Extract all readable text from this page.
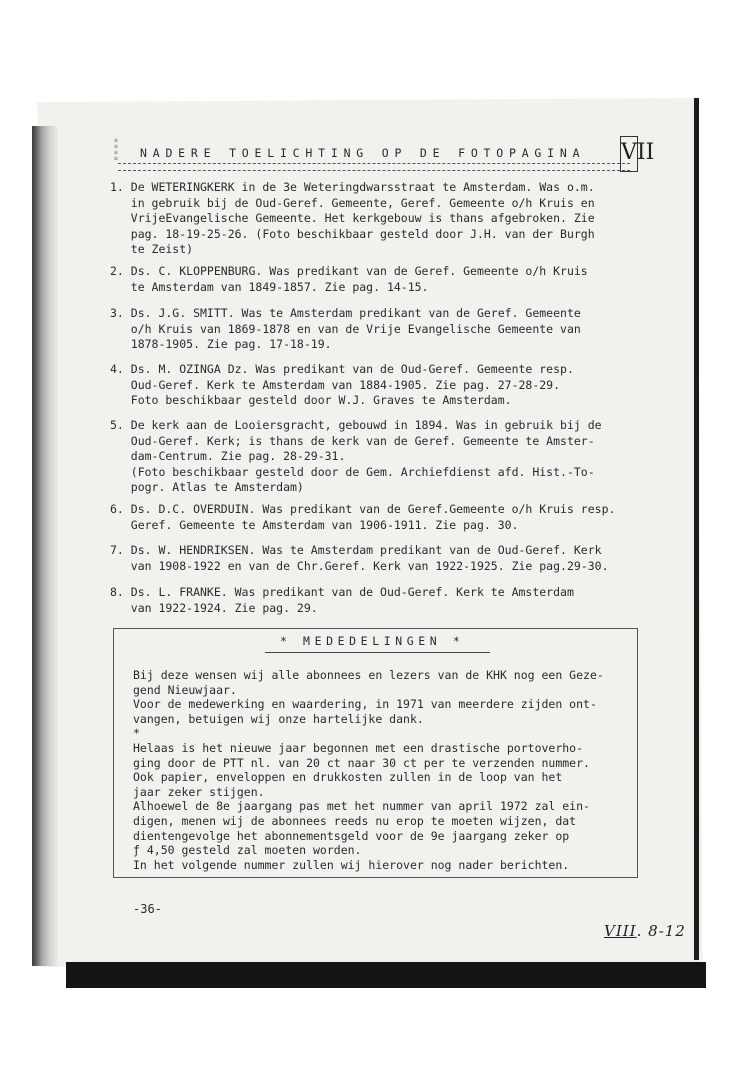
≡
≡
≡
≡	NADERE TOELICHTING OP DE FOTOPAGINA	VII
1. De WETERINGKERK in de 3e Weteringdwarsstraat te Amsterdam. Was o.m.
in gebruik bij de Oud-Geref. Gemeente, Geref. Gemeente o/h Kruis en
VrijeEvangelische Gemeente. Het kerkgebouw is thans afgebroken. Zie
pag. 18-19-25-26. (Foto beschikbaar gesteld door J.H. van der Burgh
te Zeist)
2. Ds. C. KLOPPENBURG. Was predikant van de Geref. Gemeente o/h Kruis
te Amsterdam van 1849-1857. Zie pag. 14-15.
3. Ds. J.G. SMITT. Was te Amsterdam predikant van de Geref. Gemeente
o/h Kruis van 1869-1878 en van de Vrije Evangelische Gemeente van
1878-1905. Zie pag. 17-18-19.
4. Ds. M. OZINGA Dz. Was predikant van de Oud-Geref. Gemeente resp.
Oud-Geref. Kerk te Amsterdam van 1884-1905. Zie pag. 27-28-29.
Foto beschikbaar gesteld door W.J. Graves te Amsterdam.
5. De kerk aan de Looiersgracht, gebouwd in 1894. Was in gebruik bij de
Oud-Geref. Kerk; is thans de kerk van de Geref. Gemeente te Amster-
dam-Centrum. Zie pag. 28-29-31.
(Foto beschikbaar gesteld door de Gem. Archiefdienst afd. Hist.-To-
pogr. Atlas te Amsterdam)
6. Ds. D.C. OVERDUIN. Was predikant van de Geref.Gemeente o/h Kruis resp.
Geref. Gemeente te Amsterdam van 1906-1911. Zie pag. 30.
7. Ds. W. HENDRIKSEN. Was te Amsterdam predikant van de Oud-Geref. Kerk
van 1908-1922 en van de Chr.Geref. Kerk van 1922-1925. Zie pag.29-30.
8. Ds. L. FRANKE. Was predikant van de Oud-Geref. Kerk te Amsterdam
van 1922-1924. Zie pag. 29.
* MEDEDELINGEN *
Bij deze wensen wij alle abonnees en lezers van de KHK nog een Geze-
gend Nieuwjaar.
Voor de medewerking en waardering, in 1971 van meerdere zijden ont-
vangen, betuigen wij onze hartelijke dank.
*
Helaas is het nieuwe jaar begonnen met een drastische portoverho-
ging door de PTT nl. van 20 ct naar 30 ct per te verzenden nummer.
Ook papier, enveloppen en drukkosten zullen in de loop van het
jaar zeker stijgen.
Alhoewel de 8e jaargang pas met het nummer van april 1972 zal ein-
digen, menen wij de abonnees reeds nu erop te moeten wijzen, dat
dientengevolge het abonnementsgeld voor de 9e jaargang zeker op
ƒ 4,50 gesteld zal moeten worden.
In het volgende nummer zullen wij hierover nog nader berichten.
-36-
VIII. 8-12
